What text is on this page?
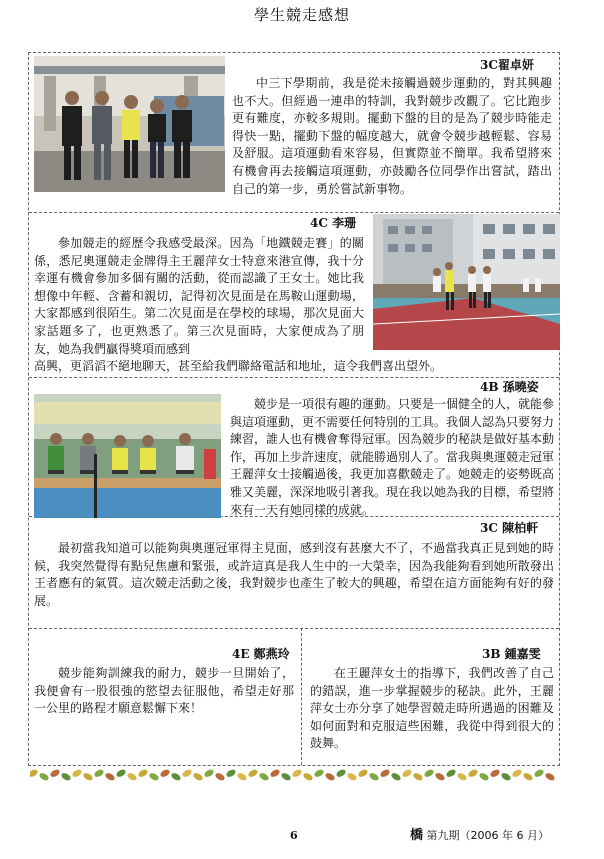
學生競走感想
3C翟卓妍
中三下學期前，我是從未接觸過競步運動的，對其興趣也不大。但經過一連串的特訓，我對競步改觀了。它比跑步更有難度，亦較多規則。擺動下盤的目的是為了競步時能走得快一點，擺動下盤的幅度越大，就會令競步越輕鬆、容易及舒服。這項運動看來容易，但實際並不簡單。我希望將來有機會再去接觸這項運動，亦鼓勵各位同學作出嘗試，踏出自己的第一步，勇於嘗試新事物。
4C 李珊
參加競走的經歷令我感受最深。因為「地鐵競走賽」的關係，悉尼奧運競走金牌得主王麗萍女士特意來港宣傳，我十分幸運有機會參加多個有關的活動，從而認識了王女士。她比我想像中年輕、含蓄和親切，記得初次見面是在馬鞍山運動場，大家都感到很陌生。第二次見面是在學校的球場，那次見面大家話題多了，也更熟悉了。第三次見面時，大家便成為了朋友，她為我們贏得獎項而感到
高興，更滔滔不絕地聊天，甚至給我們聯絡電話和地址，這令我們喜出望外。
4B 孫曉姿
競步是一項很有趣的運動。只要是一個健全的人，就能參與這項運動，更不需要任何特別的工具。我個人認為只要努力練習，誰人也有機會奪得冠軍。因為競步的秘訣是做好基本動作，再加上步許速度，就能勝過別人了。當我與奧運競走冠軍王麗萍女士接觸過後，我更加喜歡競走了。她競走的姿勢既高雅又美麗，深深地吸引著我。現在我以她為我的目標，希望將來有一天有她同樣的成就。
3C 陳柏軒
最初當我知道可以能夠與奧運冠軍得主見面，感到沒有甚麼大不了，不過當我真正見到她的時候，我突然覺得有點兒焦慮和緊張，或許這真是我人生中的一大榮幸，因為我能夠看到她所散發出王者應有的氣質。這次競走活動之後，我對競步也產生了較大的興趣，希望在這方面能夠有好的發展。
4E 鄭燕玲
競步能夠訓練我的耐力，競步一旦開始了，我便會有一股很強的慾望去征服他，希望走好那一公里的路程才願意鬆懈下來！
3B 鍾嘉雯
在王麗萍女士的指導下，我們改善了自己的錯誤，進一步掌握競步的秘訣。此外，王麗萍女士亦分享了她學習競走時所遇過的困難及如何面對和克服這些困難，我從中得到很大的鼓舞。
6	橋 第九期（2006 年 6 月）
